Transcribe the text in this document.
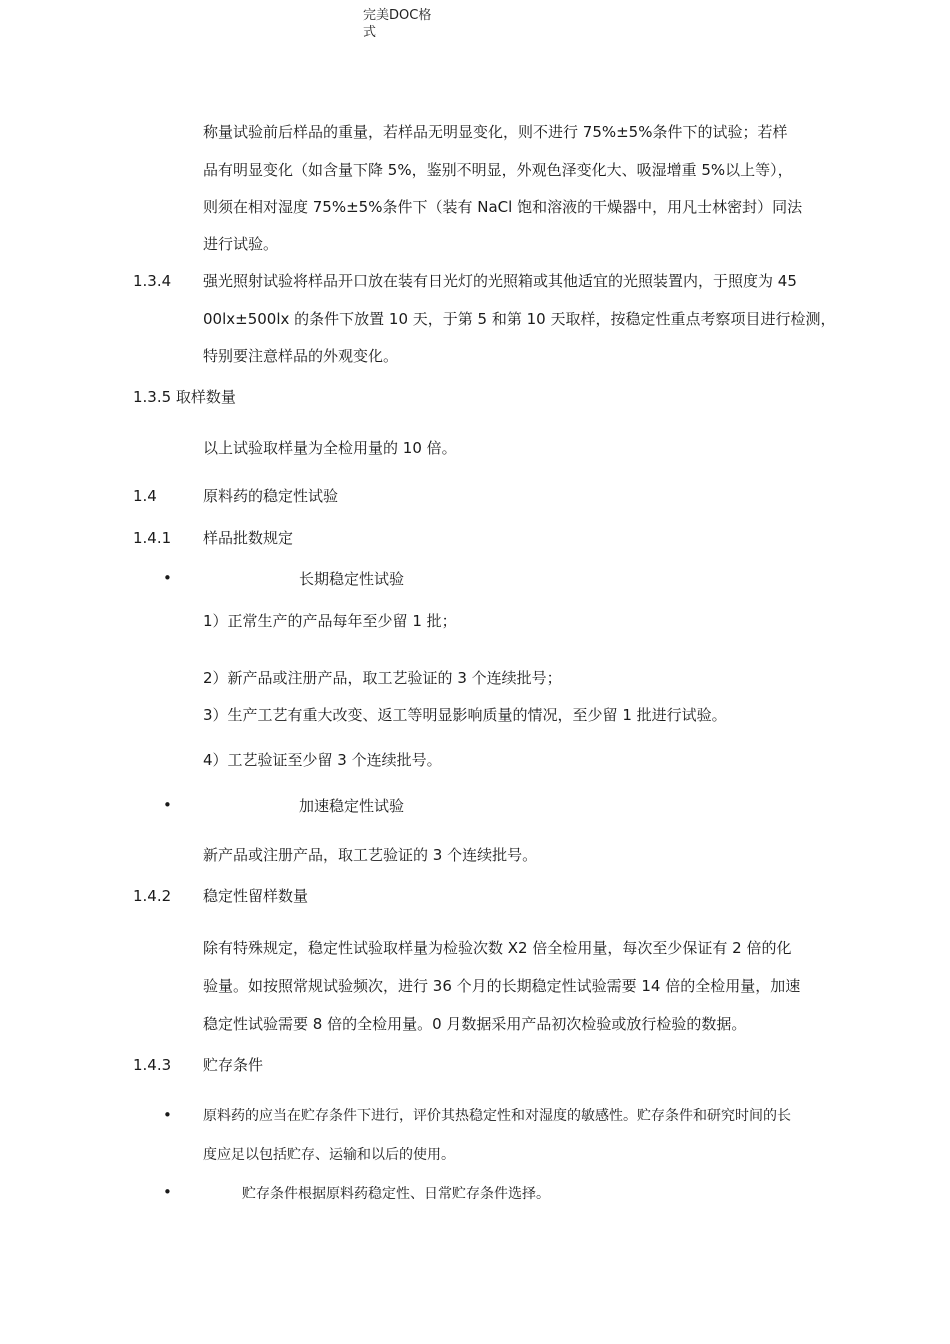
完美DOC格
式
称量试验前后样品的重量，若样品无明显变化，则不进行 75%±5%条件下的试验；若样
品有明显变化（如含量下降 5%，鉴别不明显，外观色泽变化大、吸湿增重 5%以上等），
则须在相对湿度 75%±5%条件下（装有 NaCl 饱和溶液的干燥器中，用凡士林密封）同法
进行试验。
1.3.4 强光照射试验将样品开口放在装有日光灯的光照箱或其他适宜的光照装置内，于照度为 45
00lx±500lx 的条件下放置 10 天，于第 5 和第 10 天取样，按稳定性重点考察项目进行检测，
特别要注意样品的外观变化。
1.3.5 取样数量
以上试验取样量为全检用量的 10 倍。
1.4	原料药的稳定性试验
1.4.1 样品批数规定
•	长期稳定性试验
1）正常生产的产品每年至少留 1 批；
2）新产品或注册产品，取工艺验证的 3 个连续批号；
3）生产工艺有重大改变、返工等明显影响质量的情况，至少留 1 批进行试验。
4）工艺验证至少留 3 个连续批号。
•	加速稳定性试验
新产品或注册产品，取工艺验证的 3 个连续批号。
1.4.2 稳定性留样数量
除有特殊规定，稳定性试验取样量为检验次数 X2 倍全检用量，每次至少保证有 2 倍的化
验量。如按照常规试验频次，进行 36 个月的长期稳定性试验需要 14 倍的全检用量，加速
稳定性试验需要 8 倍的全检用量。0 月数据采用产品初次检验或放行检验的数据。
1.4.3 贮存条件
• 原料药的应当在贮存条件下进行，评价其热稳定性和对湿度的敏感性。贮存条件和研究时间的长
度应足以包括贮存、运输和以后的使用。
•	贮存条件根据原料药稳定性、日常贮存条件选择。
